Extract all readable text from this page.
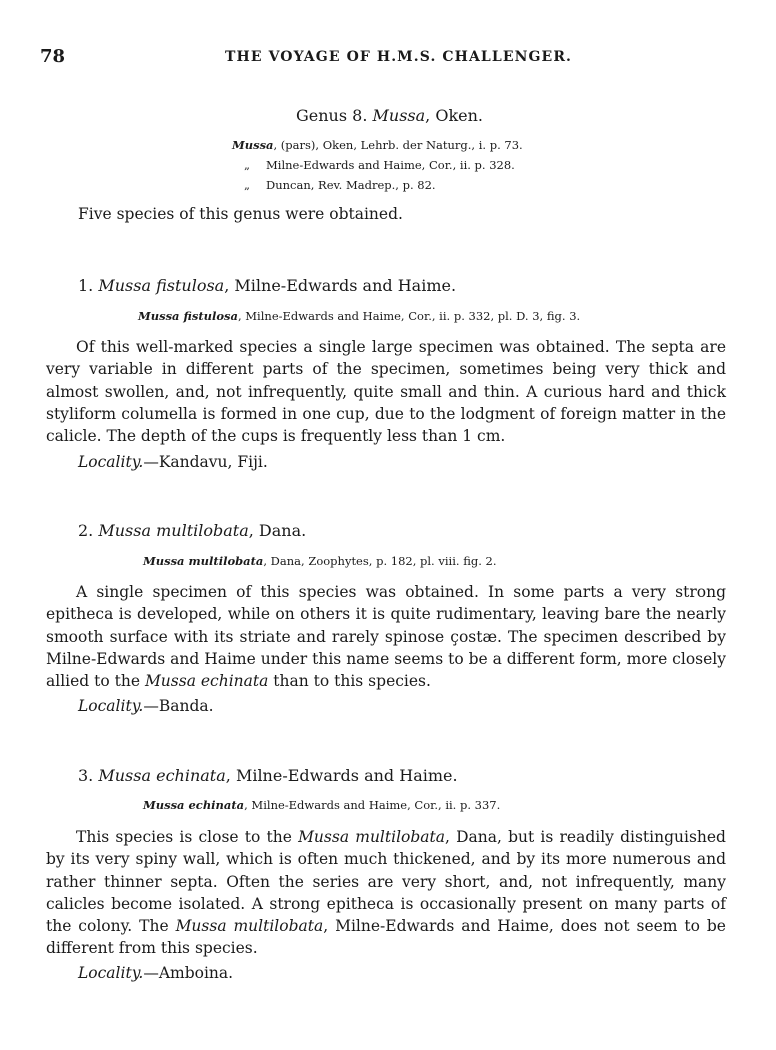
78	THE VOYAGE OF H.M.S. CHALLENGER.
Genus 8. Mussa, Oken.
Mussa, (pars), Oken, Lehrb. der Naturg., i. p. 73.
„ Milne-Edwards and Haime, Cor., ii. p. 328.
„ Duncan, Rev. Madrep., p. 82.
Five species of this genus were obtained.
1. Mussa fistulosa, Milne-Edwards and Haime.
Mussa fistulosa, Milne-Edwards and Haime, Cor., ii. p. 332, pl. D. 3, fig. 3.
Of this well-marked species a single large specimen was obtained. The septa are very variable in different parts of the specimen, sometimes being very thick and almost swollen, and, not infrequently, quite small and thin. A curious hard and thick styliform columella is formed in one cup, due to the lodgment of foreign matter in the calicle. The depth of the cups is frequently less than 1 cm.
Locality.—Kandavu, Fiji.
2. Mussa multilobata, Dana.
Mussa multilobata, Dana, Zoophytes, p. 182, pl. viii. fig. 2.
A single specimen of this species was obtained. In some parts a very strong epitheca is developed, while on others it is quite rudimentary, leaving bare the nearly smooth surface with its striate and rarely spinose çostæ. The specimen described by Milne-Edwards and Haime under this name seems to be a different form, more closely allied to the Mussa echinata than to this species.
Locality.—Banda.
3. Mussa echinata, Milne-Edwards and Haime.
Mussa echinata, Milne-Edwards and Haime, Cor., ii. p. 337.
This species is close to the Mussa multilobata, Dana, but is readily distinguished by its very spiny wall, which is often much thickened, and by its more numerous and rather thinner septa. Often the series are very short, and, not infrequently, many calicles become isolated. A strong epitheca is occasionally present on many parts of the colony. The Mussa multilobata, Milne-Edwards and Haime, does not seem to be different from this species.
Locality.—Amboina.
